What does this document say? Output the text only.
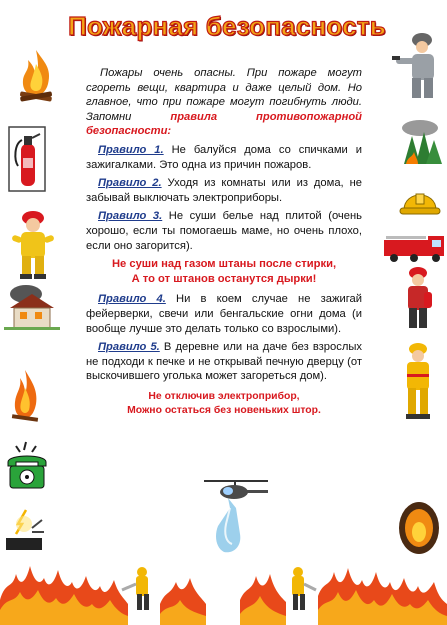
Пожарная безопасность

Пожары очень опасны. При пожаре могут сгореть вещи, квартира и даже целый дом. Но главное, что при пожаре могут погибнуть люди. Запомни правила противопожарной безопасности:

Правило 1. Не балуйся дома со спичками и зажигалками. Это одна из причин пожаров.

Правило 2. Уходя из комнаты или из дома, не забывай выключать электроприборы.

Правило 3. Не суши белье над плитой (очень хорошо, если ты помогаешь маме, но очень плохо, если оно загорится).

Не суши над газом штаны после стирки,
А то от штанов останутся дырки!

Правило 4. Ни в коем случае не зажигай фейерверки, свечи или бенгальские огни дома (и вообще лучше это делать только со взрослыми).

Правило 5. В деревне или на даче без взрослых не подходи к печке и не открывай печную дверцу (от выскочившего уголька может загореться дом).

Не отключив электроприбор,
Можно остаться без новеньких штор.
